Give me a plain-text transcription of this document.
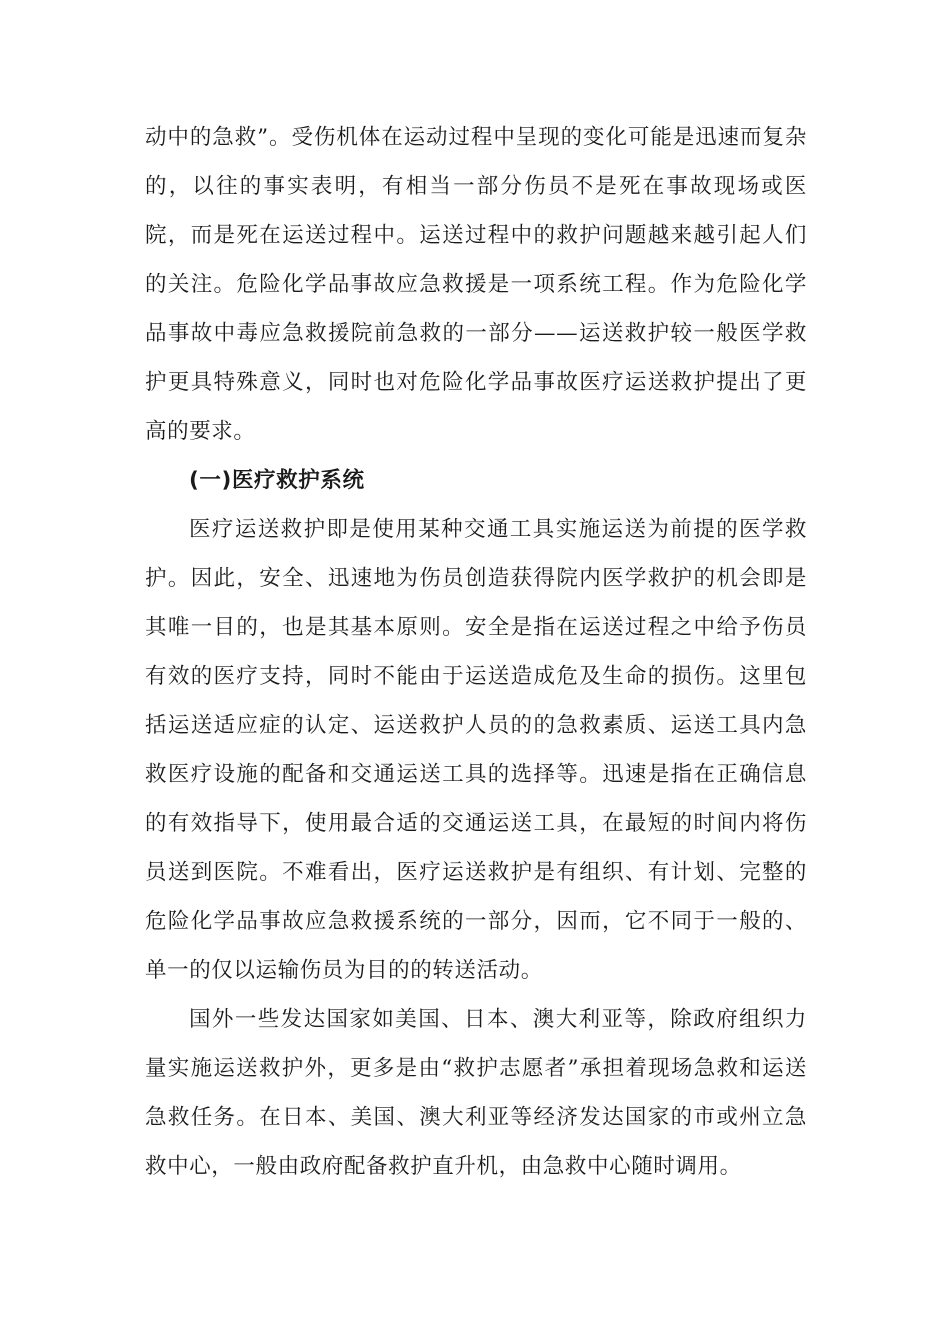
动中的急救”。受伤机体在运动过程中呈现的变化可能是迅速而复杂的，以往的事实表明，有相当一部分伤员不是死在事故现场或医院，而是死在运送过程中。运送过程中的救护问题越来越引起人们的关注。危险化学品事故应急救援是一项系统工程。作为危险化学品事故中毒应急救援院前急救的一部分——运送救护较一般医学救护更具特殊意义，同时也对危险化学品事故医疗运送救护提出了更高的要求。

(一)医疗救护系统

医疗运送救护即是使用某种交通工具实施运送为前提的医学救护。因此，安全、迅速地为伤员创造获得院内医学救护的机会即是其唯一目的，也是其基本原则。安全是指在运送过程之中给予伤员有效的医疗支持，同时不能由于运送造成危及生命的损伤。这里包括运送适应症的认定、运送救护人员的的急救素质、运送工具内急救医疗设施的配备和交通运送工具的选择等。迅速是指在正确信息的有效指导下，使用最合适的交通运送工具，在最短的时间内将伤员送到医院。不难看出，医疗运送救护是有组织、有计划、完整的危险化学品事故应急救援系统的一部分，因而，它不同于一般的、单一的仅以运输伤员为目的的转送活动。

国外一些发达国家如美国、日本、澳大利亚等，除政府组织力量实施运送救护外，更多是由“救护志愿者”承担着现场急救和运送急救任务。在日本、美国、澳大利亚等经济发达国家的市或州立急救中心，一般由政府配备救护直升机，由急救中心随时调用。
